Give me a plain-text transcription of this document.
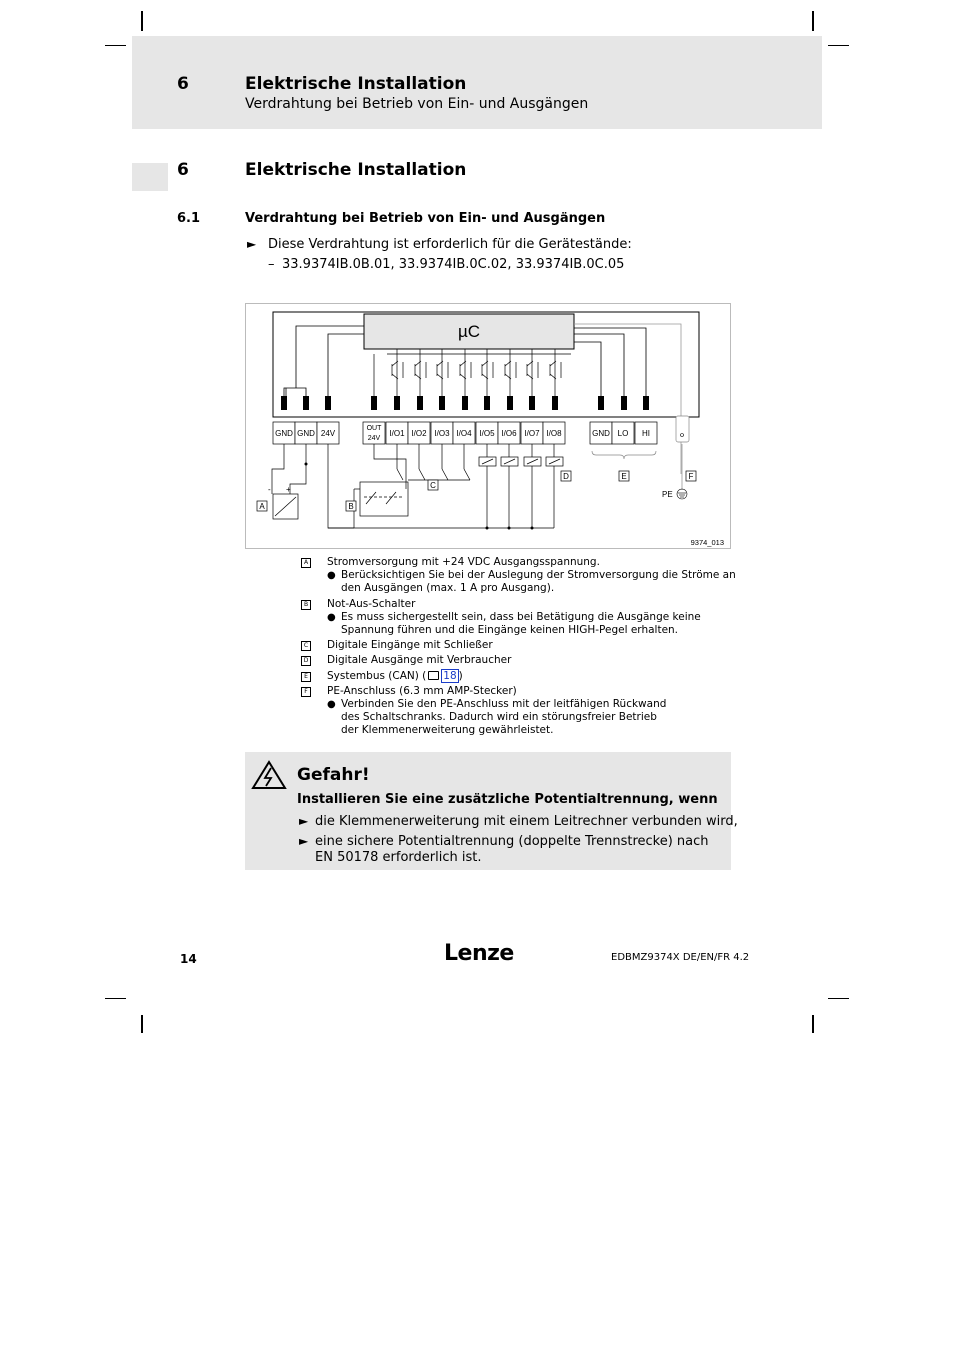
6	Elektrische Installation
Verdrahtung bei Betrieb von Ein- und Ausgängen
6	Elektrische Installation
6.1	Verdrahtung bei Betrieb von Ein- und Ausgängen
► Diese Verdrahtung ist erforderlich für die Gerätestände:
– 33.9374IB.0B.01, 33.9374IB.0C.02, 33.9374IB.0C.05
µC
GND GND 24V
OUT
24V
I/O1 I/O2 I/O3 I/O4 I/O5 I/O6 I/O7 I/O8	GND LO HI
PE
- +
A	B
C
D	E	F
9374_013
A Stromversorgung mit +24 VDC Ausgangsspannung.
● Berücksichtigen Sie bei der Auslegung der Stromversorgung die Ströme an den Ausgängen (max. 1 A pro Ausgang).
B Not-Aus-Schalter
● Es muss sichergestellt sein, dass bei Betätigung die Ausgänge keine Spannung führen und die Eingänge keinen HIGH-Pegel erhalten.
C Digitale Eingänge mit Schließer
D Digitale Ausgänge mit Verbraucher
E Systembus (CAN) ( 18 )
F	PE-Anschluss (6.3 mm AMP-Stecker)
● Verbinden Sie den PE-Anschluss mit der leitfähigen Rückwand des Schaltschranks. Dadurch wird ein störungsfreier Betrieb der Klemmenerweiterung gewährleistet.
Gefahr!
Installieren Sie eine zusätzliche Potentialtrennung, wenn
► die Klemmenerweiterung mit einem Leitrechner verbunden wird,
► eine sichere Potentialtrennung (doppelte Trennstrecke) nach EN 50178 erforderlich ist.
14	Lenze	EDBMZ9374X DE/EN/FR 4.2
